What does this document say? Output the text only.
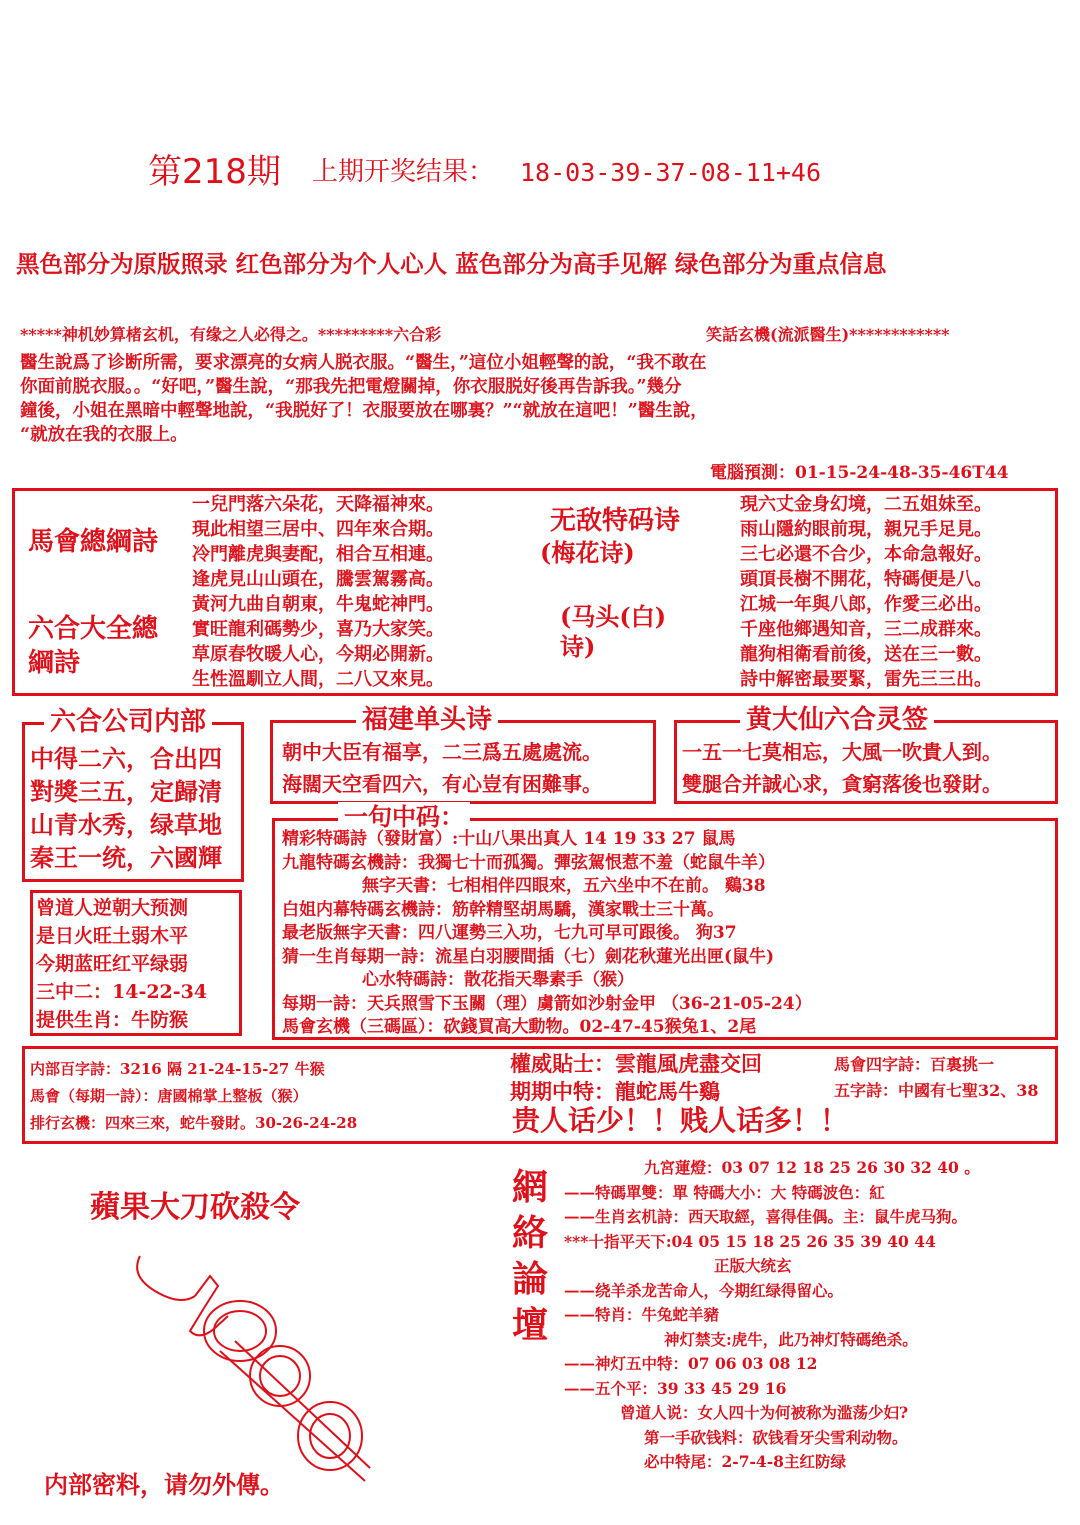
第218期 上期开奖结果： 18-03-39-37-08-11+46
黑色部分为原版照录 红色部分为个人心人 蓝色部分为高手见解 绿色部分为重点信息
*****神机妙算楮玄机，有缘之人必得之。*********六合彩	笑話玄機(流派醫生)************
醫生說爲了诊断所需，要求漂亮的女病人脱衣服。“醫生，”這位小姐輕聲的說，“我不敢在
你面前脱衣服。。“好吧，”醫生說，“那我先把電燈關掉，你衣服脱好後再告訴我。”幾分
鐘後，小姐在黑暗中輕聲地說，“我脱好了！衣服要放在哪裏？”“就放在這吧！”醫生說，
“就放在我的衣服上。
電腦預測：01-15-24-48-35-46T44
馬會總綱詩
六合大全總綱詩
一兒門落六朵花，天降福神來。
現此相望三居中、四年來合期。
冷門離虎與妻配，相合互相連。
逢虎見山山頭在，騰雲駕霧高。
黃河九曲自朝東，牛鬼蛇神門。
實旺龍利碼勢少，喜乃大家笑。
草原春牧暖人心，今期必開新。
生性溫馴立人間，二八又來見。
无敌特码诗
(梅花诗)
(马头(白)诗)
現六丈金身幻境，二五姐妹至。
雨山隱約眼前現，親兄手足見。
三七必還不合少，本命急報好。
頭頂長樹不開花，特碼便是八。
江城一年與八郎，作愛三必出。
千座他鄉遇知音，三二成群來。
龍狗相衛看前後，送在三一數。
詩中解密最要緊，雷先三三出。
六合公司内部
中得二六，合出四
對獎三五，定歸清
山青水秀，绿草地
秦王一统，六國輝
福建单头诗
朝中大臣有福享，二三爲五處處流。
海闊天空看四六，有心豈有困難事。
黄大仙六合灵签
一五一七莫相忘，大風一吹貴人到。
雙腿合并誠心求，貪窮落後也發財。
曾道人逆朝大预测
是日火旺土弱木平
今期蓝旺红平绿弱
三中二：14-22-34
提供生肖：牛防猴
一句中码：
精彩特碼詩（發財富）:十山八果出真人 14 19 33 27 鼠馬
九龍特碼玄機詩：我獨七十而孤獨。彈弦駕恨惹不羞（蛇鼠牛羊）
無字天書：七相相伴四眼來，五六坐中不在前。 鷄38
白姐内幕特碼玄機詩：筋幹精堅胡馬驕，漢家戰士三十萬。
最老版無字天書：四八運勢三入功，七九可早可跟後。 狗37
猜一生肖每期一詩：流星白羽腰間插（七）劍花秋蓮光出匣(鼠牛)
心水特碼詩：散花指天舉素手（猴）
每期一詩：天兵照雪下玉關（理）虜箭如沙射金甲 （36-21-05-24）
馬會玄機（三碼區）：砍錢買高大動物。02-47-45猴兔1、2尾
内部百字詩：3216 隔 21-24-15-27 牛猴
馬會（每期一詩）：唐國棉掌上整板（猴）
排行玄機：四來三來，蛇牛發財。30-26-24-28
權威貼士：雲龍風虎盡交回	馬會四字詩：百裏挑一
期期中特：龍蛇馬牛鷄	五字詩：中國有七聖32、38
贵人话少！！贱人话多！！
蘋果大刀砍殺令
内部密料，请勿外傳。
網
絡
論
壇
九宮蓮燈：03 07 12 18 25 26 30 32 40 。
——特碼單雙：單 特碼大小：大 特碼波色：紅
——生肖玄机詩：西天取經，喜得佳偶。主：鼠牛虎马狗。
***十指平天下:04 05 15 18 25 26 35 39 40 44
正版大统玄
——绕羊杀龙苦命人，今期红绿得留心。
——特肖：牛兔蛇羊豬
神灯禁支:虎牛，此乃神灯特碼绝杀。
——神灯五中特：07 06 03 08 12
——五个平：39 33 45 29 16
曾道人说：女人四十为何被称为滥荡少妇?
第一手砍钱料：砍钱看牙尖雪利动物。
必中特尾：2-7-4-8主红防绿
